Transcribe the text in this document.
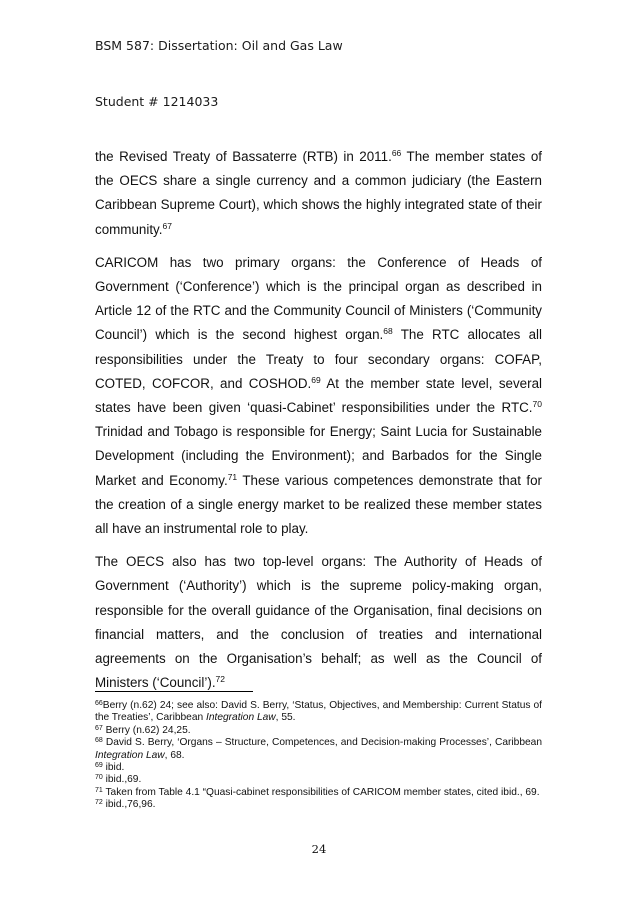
BSM 587: Dissertation: Oil and Gas Law
Student # 1214033

the Revised Treaty of Bassaterre (RTB) in 2011.66 The member states of the OECS share a single currency and a common judiciary (the Eastern Caribbean Supreme Court), which shows the highly integrated state of their community.$^{67}$

CARICOM has two primary organs: the Conference of Heads of Government (‘Conference’) which is the principal organ as described in Article 12 of the RTC and the Community Council of Ministers (‘Community Council’) which is the second highest organ.$^{68}$ The RTC allocates all responsibilities under the Treaty to four secondary organs: COFAP, COTED, COFCOR, and COSHOD.$^{69}$ At the member state level, several states have been given ‘quasi-Cabinet’ responsibilities under the RTC.$^{70}$ Trinidad and Tobago is responsible for Energy; Saint Lucia for Sustainable Development (including the Environment); and Barbados for the Single Market and Economy.$^{71}$ These various competences demonstrate that for the creation of a single energy market to be realized these member states all have an instrumental role to play.

The OECS also has two top-level organs: The Authority of Heads of Government (‘Authority’) which is the supreme policy-making organ, responsible for the overall guidance of the Organisation, final decisions on financial matters, and the conclusion of treaties and international agreements on the Organisation’s behalf; as well as the Council of Ministers (‘Council’).$^{72}$

$^{66}$Berry (n.62) 24; see also: David S. Berry, ‘Status, Objectives, and Membership: Current Status of the Treaties’, Caribbean Integration Law, 55.
$^{67}$ Berry (n.62) 24,25.
$^{68}$ David S. Berry, ‘Organs – Structure, Competences, and Decision-making Processes’, Caribbean Integration Law, 68.
$^{69}$ ibid.
$^{70}$ ibid.,69.
$^{71}$ Taken from Table 4.1 “Quasi-cabinet responsibilities of CARICOM member states, cited ibid., 69.
$^{72}$ ibid.,76,96.
24
